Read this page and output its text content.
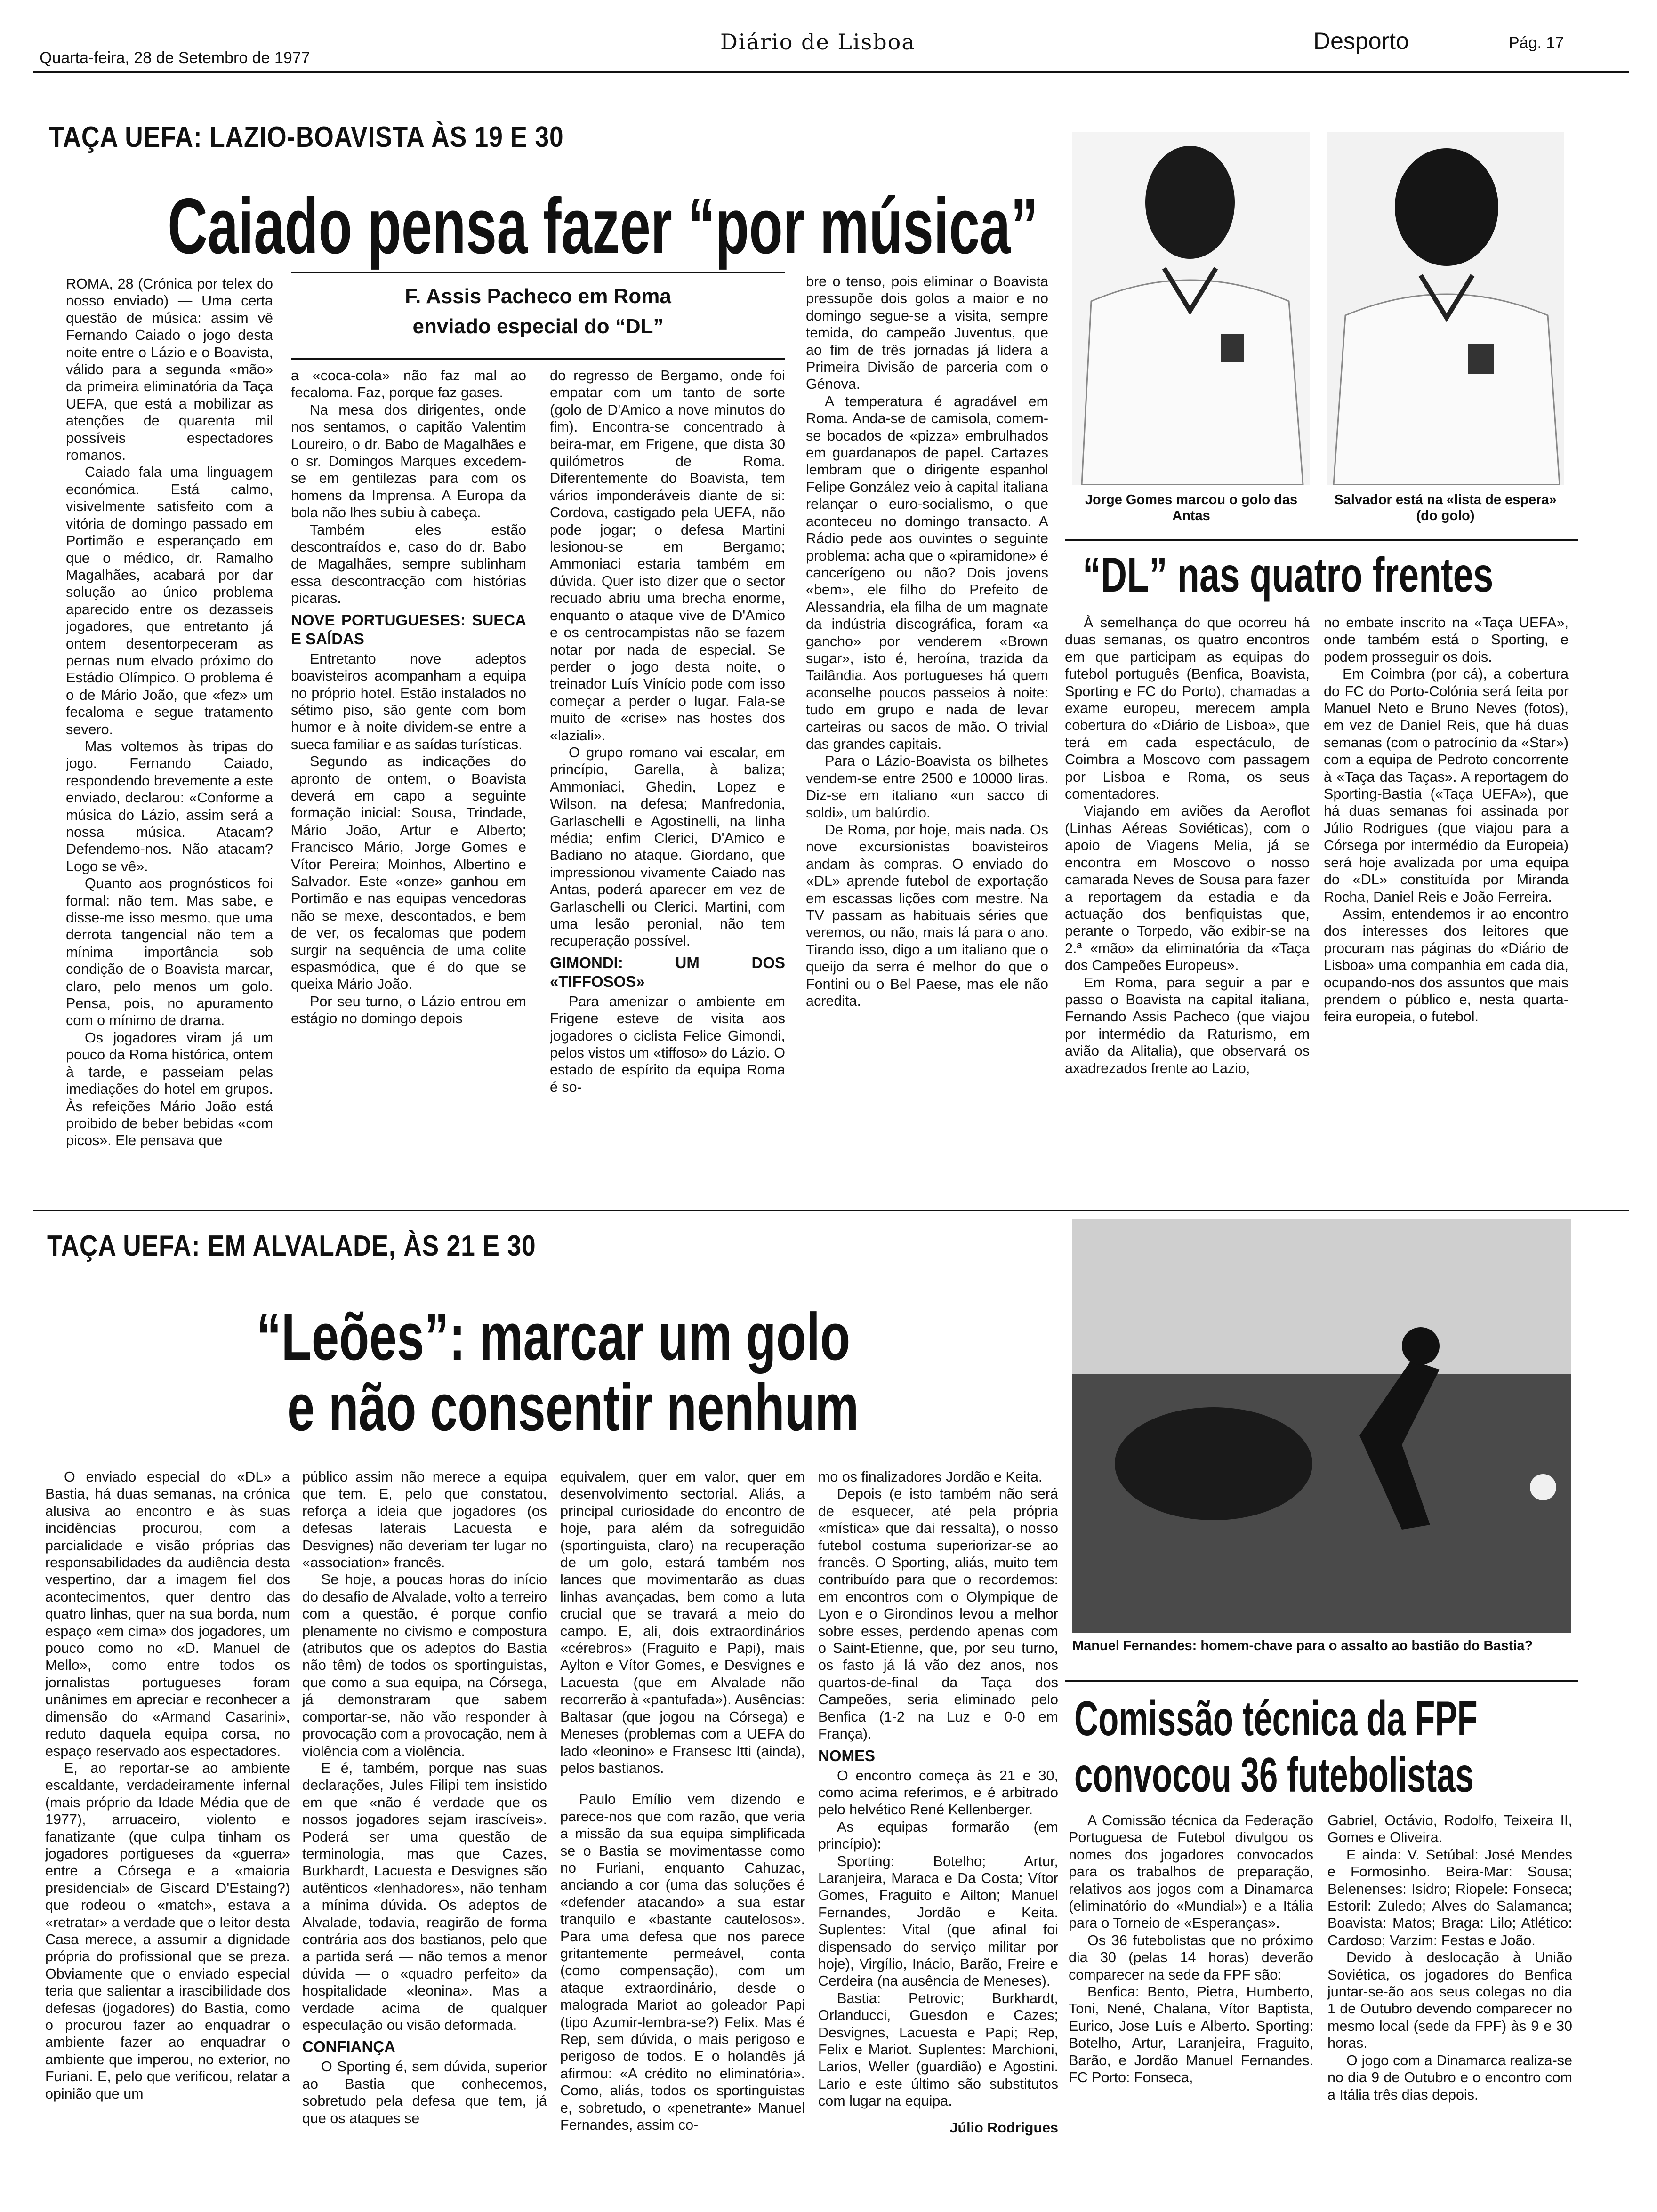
Quarta-feira, 28 de Setembro de 1977
Diário de Lisboa	Desporto	Pág. 17
TAÇA UEFA: LAZIO-BOAVISTA ÀS 19 E 30
Caiado pensa fazer “por música”

ROMA, 28 (Crónica por telex do nosso enviado) — Uma certa questão de música: assim vê Fernando Caiado o jogo desta noite entre o Lázio e o Boavista, válido para a segunda «mão» da primeira eliminatória da Taça UEFA, que está a mobilizar as atenções de quarenta mil possíveis espectadores romanos.

Caiado fala uma linguagem económica. Está calmo, visivelmente satisfeito com a vitória de domingo passado em Portimão e esperançado em que o médico, dr. Ramalho Magalhães, acabará por dar solução ao único problema aparecido entre os dezasseis jogadores, que entretanto já ontem desentorpeceram as pernas num elvado próximo do Estádio Olímpico. O problema é o de Mário João, que «fez» um fecaloma e segue tratamento severo.

Mas voltemos às tripas do jogo. Fernando Caiado, respondendo brevemente a este enviado, declarou: «Conforme a música do Lázio, assim será a nossa música. Atacam? Defendemo-nos. Não atacam? Logo se vê».

Quanto aos prognósticos foi formal: não tem. Mas sabe, e disse-me isso mesmo, que uma derrota tangencial não tem a mínima importância sob condição de o Boavista marcar, claro, pelo menos um golo. Pensa, pois, no apuramento com o mínimo de drama.

Os jogadores viram já um pouco da Roma histórica, ontem à tarde, e passeiam pelas imediações do hotel em grupos. Às refeições Mário João está proibido de beber bebidas «com picos». Ele pensava que

F. Assis Pacheco em Roma
enviado especial do “DL”

a «coca-cola» não faz mal ao fecaloma. Faz, porque faz gases.

Na mesa dos dirigentes, onde nos sentamos, o capitão Valentim Loureiro, o dr. Babo de Magalhães e o sr. Domingos Marques excedem-se em gentilezas para com os homens da Imprensa. A Europa da bola não lhes subiu à cabeça.

Também eles estão descontraídos e, caso do dr. Babo de Magalhães, sempre sublinham essa descontracção com histórias picaras.

NOVE PORTUGUESES: SUECA E SAÍDAS

Entretanto nove adeptos boavisteiros acompanham a equipa no próprio hotel. Estão instalados no sétimo piso, são gente com bom humor e à noite dividem-se entre a sueca familiar e as saídas turísticas.

Segundo as indicações do apronto de ontem, o Boavista deverá em capo a seguinte formação inicial: Sousa, Trindade, Mário João, Artur e Alberto; Francisco Mário, Jorge Gomes e Vítor Pereira; Moinhos, Albertino e Salvador. Este «onze» ganhou em Portimão e nas equipas vencedoras não se mexe, descontados, e bem de ver, os fecalomas que podem surgir na sequência de uma colite espasmódica, que é do que se queixa Mário João.

Por seu turno, o Lázio entrou em estágio no domingo depois

do regresso de Bergamo, onde foi empatar com um tanto de sorte (golo de D'Amico a nove minutos do fim). Encontra-se concentrado à beira-mar, em Frigene, que dista 30 quilómetros de Roma. Diferentemente do Boavista, tem vários imponderáveis diante de si: Cordova, castigado pela UEFA, não pode jogar; o defesa Martini lesionou-se em Bergamo; Ammoniaci estaria também em dúvida. Quer isto dizer que o sector recuado abriu uma brecha enorme, enquanto o ataque vive de D'Amico e os centrocampistas não se fazem notar por nada de especial. Se perder o jogo desta noite, o treinador Luís Vinício pode com isso começar a perder o lugar. Fala-se muito de «crise» nas hostes dos «laziali».

O grupo romano vai escalar, em princípio, Garella, à baliza; Ammoniaci, Ghedin, Lopez e Wilson, na defesa; Manfredonia, Garlaschelli e Agostinelli, na linha média; enfim Clerici, D'Amico e Badiano no ataque. Giordano, que impressionou vivamente Caiado nas Antas, poderá aparecer em vez de Garlaschelli ou Clerici. Martini, com uma lesão peronial, não tem recuperação possível.

GIMONDI: UM DOS «TIFFOSOS»

Para amenizar o ambiente em Frigene esteve de visita aos jogadores o ciclista Felice Gimondi, pelos vistos um «tiffoso» do Lázio. O estado de espírito da equipa Roma é so-

bre o tenso, pois eliminar o Boavista pressupõe dois golos a maior e no domingo segue-se a visita, sempre temida, do campeão Juventus, que ao fim de três jornadas já lidera a Primeira Divisão de parceria com o Génova.

A temperatura é agradável em Roma. Anda-se de camisola, comem-se bocados de «pizza» embrulhados em guardanapos de papel. Cartazes lembram que o dirigente espanhol Felipe González veio à capital italiana relançar o euro-socialismo, o que aconteceu no domingo transacto. A Rádio pede aos ouvintes o seguinte problema: acha que o «piramidone» é cancerígeno ou não? Dois jovens «bem», ele filho do Prefeito de Alessandria, ela filha de um magnate da indústria discográfica, foram «a gancho» por venderem «Brown sugar», isto é, heroína, trazida da Tailândia. Aos portugueses há quem aconselhe poucos passeios à noite: tudo em grupo e nada de levar carteiras ou sacos de mão. O trivial das grandes capitais.

Para o Lázio-Boavista os bilhetes vendem-se entre 2500 e 10000 liras. Diz-se em italiano «un sacco di soldi», um balúrdio.

De Roma, por hoje, mais nada. Os nove excursionistas boavisteiros andam às compras. O enviado do «DL» aprende futebol de exportação em escassas lições com mestre. Na TV passam as habituais séries que veremos, ou não, mais lá para o ano. Tirando isso, digo a um italiano que o queijo da serra é melhor do que o Fontini ou o Bel Paese, mas ele não acredita.

Jorge Gomes marcou o golo das Antas
Salvador está na «lista de espera» (do golo)
“DL” nas quatro frentes

À semelhança do que ocorreu há duas semanas, os quatro encontros em que participam as equipas do futebol português (Benfica, Boavista, Sporting e FC do Porto), chamadas a exame europeu, merecem ampla cobertura do «Diário de Lisboa», que terá em cada espectáculo, de Coimbra a Moscovo com passagem por Lisboa e Roma, os seus comentadores.

Viajando em aviões da Aeroflot (Linhas Aéreas Soviéticas), com o apoio de Viagens Melia, já se encontra em Moscovo o nosso camarada Neves de Sousa para fazer a reportagem da estadia e da actuação dos benfiquistas que, perante o Torpedo, vão exibir-se na 2.ª «mão» da eliminatória da «Taça dos Campeões Europeus».

Em Roma, para seguir a par e passo o Boavista na capital italiana, Fernando Assis Pacheco (que viajou por intermédio da Raturismo, em avião da Alitalia), que observará os axadrezados frente ao Lazio,

no embate inscrito na «Taça UEFA», onde também está o Sporting, e podem prosseguir os dois.

Em Coimbra (por cá), a cobertura do FC do Porto-Colónia será feita por Manuel Neto e Bruno Neves (fotos), em vez de Daniel Reis, que há duas semanas (com o patrocínio da «Star») com a equipa de Pedroto concorrente à «Taça das Taças». A reportagem do Sporting-Bastia («Taça UEFA»), que há duas semanas foi assinada por Júlio Rodrigues (que viajou para a Córsega por intermédio da Europeia) será hoje avalizada por uma equipa do «DL» constituída por Miranda Rocha, Daniel Reis e João Ferreira.

Assim, entendemos ir ao encontro dos interesses dos leitores que procuram nas páginas do «Diário de Lisboa» uma companhia em cada dia, ocupando-nos dos assuntos que mais prendem o público e, nesta quarta-feira europeia, o futebol.

TAÇA UEFA: EM ALVALADE, ÀS 21 E 30
“Leões”: marcar um golo
e não consentir nenhum

O enviado especial do «DL» a Bastia, há duas semanas, na crónica alusiva ao encontro e às suas incidências procurou, com a parcialidade e visão próprias das responsabilidades da audiência desta vespertino, dar a imagem fiel dos acontecimentos, quer dentro das quatro linhas, quer na sua borda, num espaço «em cima» dos jogadores, um pouco como no «D. Manuel de Mello», como entre todos os jornalistas portugueses foram unânimes em apreciar e reconhecer a dimensão do «Armand Casarini», reduto daquela equipa corsa, no espaço reservado aos espectadores.

E, ao reportar-se ao ambiente escaldante, verdadeiramente infernal (mais próprio da Idade Média que de 1977), arruaceiro, violento e fanatizante (que culpa tinham os jogadores portigueses da «guerra» entre a Córsega e a «maioria presidencial» de Giscard D'Estaing?) que rodeou o «match», estava a «retratar» a verdade que o leitor desta Casa merece, a assumir a dignidade própria do profissional que se preza. Obviamente que o enviado especial teria que salientar a irascibilidade dos defesas (jogadores) do Bastia, como o procurou fazer ao enquadrar o ambiente fazer ao enquadrar o ambiente que imperou, no exterior, no Furiani. E, pelo que verificou, relatar a opinião que um

público assim não merece a equipa que tem. E, pelo que constatou, reforça a ideia que jogadores (os defesas laterais Lacuesta e Desvignes) não deveriam ter lugar no «association» francês.

Se hoje, a poucas horas do início do desafio de Alvalade, volto a terreiro com a questão, é porque confio plenamente no civismo e compostura (atributos que os adeptos do Bastia não têm) de todos os sportinguistas, que como a sua equipa, na Córsega, já demonstraram que sabem comportar-se, não vão responder à provocação com a provocação, nem à violência com a violência.

E é, também, porque nas suas declarações, Jules Filipi tem insistido em que «não é verdade que os nossos jogadores sejam irascíveis». Poderá ser uma questão de terminologia, mas que Cazes, Burkhardt, Lacuesta e Desvignes são autênticos «lenhadores», não tenham a mínima dúvida. Os adeptos de Alvalade, todavia, reagirão de forma contrária aos dos bastianos, pelo que a partida será — não temos a menor dúvida — o «quadro perfeito» da hospitalidade «leonina». Mas a verdade acima de qualquer especulação ou visão deformada.

CONFIANÇA

O Sporting é, sem dúvida, superior ao Bastia que conhecemos, sobretudo pela defesa que tem, já que os ataques se

equivalem, quer em valor, quer em desenvolvimento sectorial. Aliás, a principal curiosidade do encontro de hoje, para além da sofreguidão (sportinguista, claro) na recuperação de um golo, estará também nos lances que movimentarão as duas linhas avançadas, bem como a luta crucial que se travará a meio do campo. E, ali, dois extraordinários «cérebros» (Fraguito e Papi), mais Aylton e Vítor Gomes, e Desvignes e Lacuesta (que em Alvalade não recorrerão à «pantufada»). Ausências: Baltasar (que jogou na Córsega) e Meneses (problemas com a UEFA do lado «leonino» e Fransesc Itti (ainda), pelos bastianos.

Paulo Emílio vem dizendo e parece-nos que com razão, que veria a missão da sua equipa simplificada se o Bastia se movimentasse como no Furiani, enquanto Cahuzac, anciando a cor (uma das soluções é «defender atacando» a sua estar tranquilo e «bastante cautelosos». Para uma defesa que nos parece gritantemente permeável, conta (como compensação), com um ataque extraordinário, desde o malograda Mariot ao goleador Papi (tipo Azumir-lembra-se?) Felix. Mas é Rep, sem dúvida, o mais perigoso e perigoso de todos. E o holandês já afirmou: «A crédito no eliminatória». Como, aliás, todos os sportinguistas e, sobretudo, o «penetrante» Manuel Fernandes, assim co-

mo os finalizadores Jordão e Keita.

Depois (e isto também não será de esquecer, até pela própria «mística» que dai ressalta), o nosso futebol costuma superiorizar-se ao francês. O Sporting, aliás, muito tem contribuído para que o recordemos: em encontros com o Olympique de Lyon e o Girondinos levou a melhor sobre esses, perdendo apenas com o Saint-Etienne, que, por seu turno, os fasto já lá vão dez anos, nos quartos-de-final da Taça dos Campeões, seria eliminado pelo Benfica (1-2 na Luz e 0-0 em França).

NOMES

O encontro começa às 21 e 30, como acima referimos, e é arbitrado pelo helvético René Kellenberger.

As equipas formarão (em princípio):

Sporting: Botelho; Artur, Laranjeira, Maraca e Da Costa; Vítor Gomes, Fraguito e Ailton; Manuel Fernandes, Jordão e Keita. Suplentes: Vital (que afinal foi dispensado do serviço militar por hoje), Virgílio, Inácio, Barão, Freire e Cerdeira (na ausência de Meneses).

Bastia: Petrovic; Burkhardt, Orlanducci, Guesdon e Cazes; Desvignes, Lacuesta e Papi; Rep, Felix e Mariot. Suplentes: Marchioni, Larios, Weller (guardião) e Agostini. Lario e este último são substitutos com lugar na equipa.

Júlio Rodrigues
Manuel Fernandes: homem-chave para o assalto ao bastião do Bastia?
Comissão técnica da FPF
convocou 36 futebolistas

A Comissão técnica da Federação Portuguesa de Futebol divulgou os nomes dos jogadores convocados para os trabalhos de preparação, relativos aos jogos com a Dinamarca (eliminatório do «Mundial») e a Itália para o Torneio de «Esperanças».

Os 36 futebolistas que no próximo dia 30 (pelas 14 horas) deverão comparecer na sede da FPF são:

Benfica: Bento, Pietra, Humberto, Toni, Nené, Chalana, Vítor Baptista, Eurico, Jose Luís e Alberto. Sporting: Botelho, Artur, Laranjeira, Fraguito, Barão, e Jordão Manuel Fernandes. FC Porto: Fonseca,

Gabriel, Octávio, Rodolfo, Teixeira II, Gomes e Oliveira.

E ainda: V. Setúbal: José Mendes e Formosinho. Beira-Mar: Sousa; Belenenses: Isidro; Riopele: Fonseca; Estoril: Zuledo; Alves do Salamanca; Boavista: Matos; Braga: Lilo; Atlético: Cardoso; Varzim: Festas e João.

Devido à deslocação à União Soviética, os jogadores do Benfica juntar-se-ão aos seus colegas no dia 1 de Outubro devendo comparecer no mesmo local (sede da FPF) às 9 e 30 horas.

O jogo com a Dinamarca realiza-se no dia 9 de Outubro e o encontro com a Itália três dias depois.
